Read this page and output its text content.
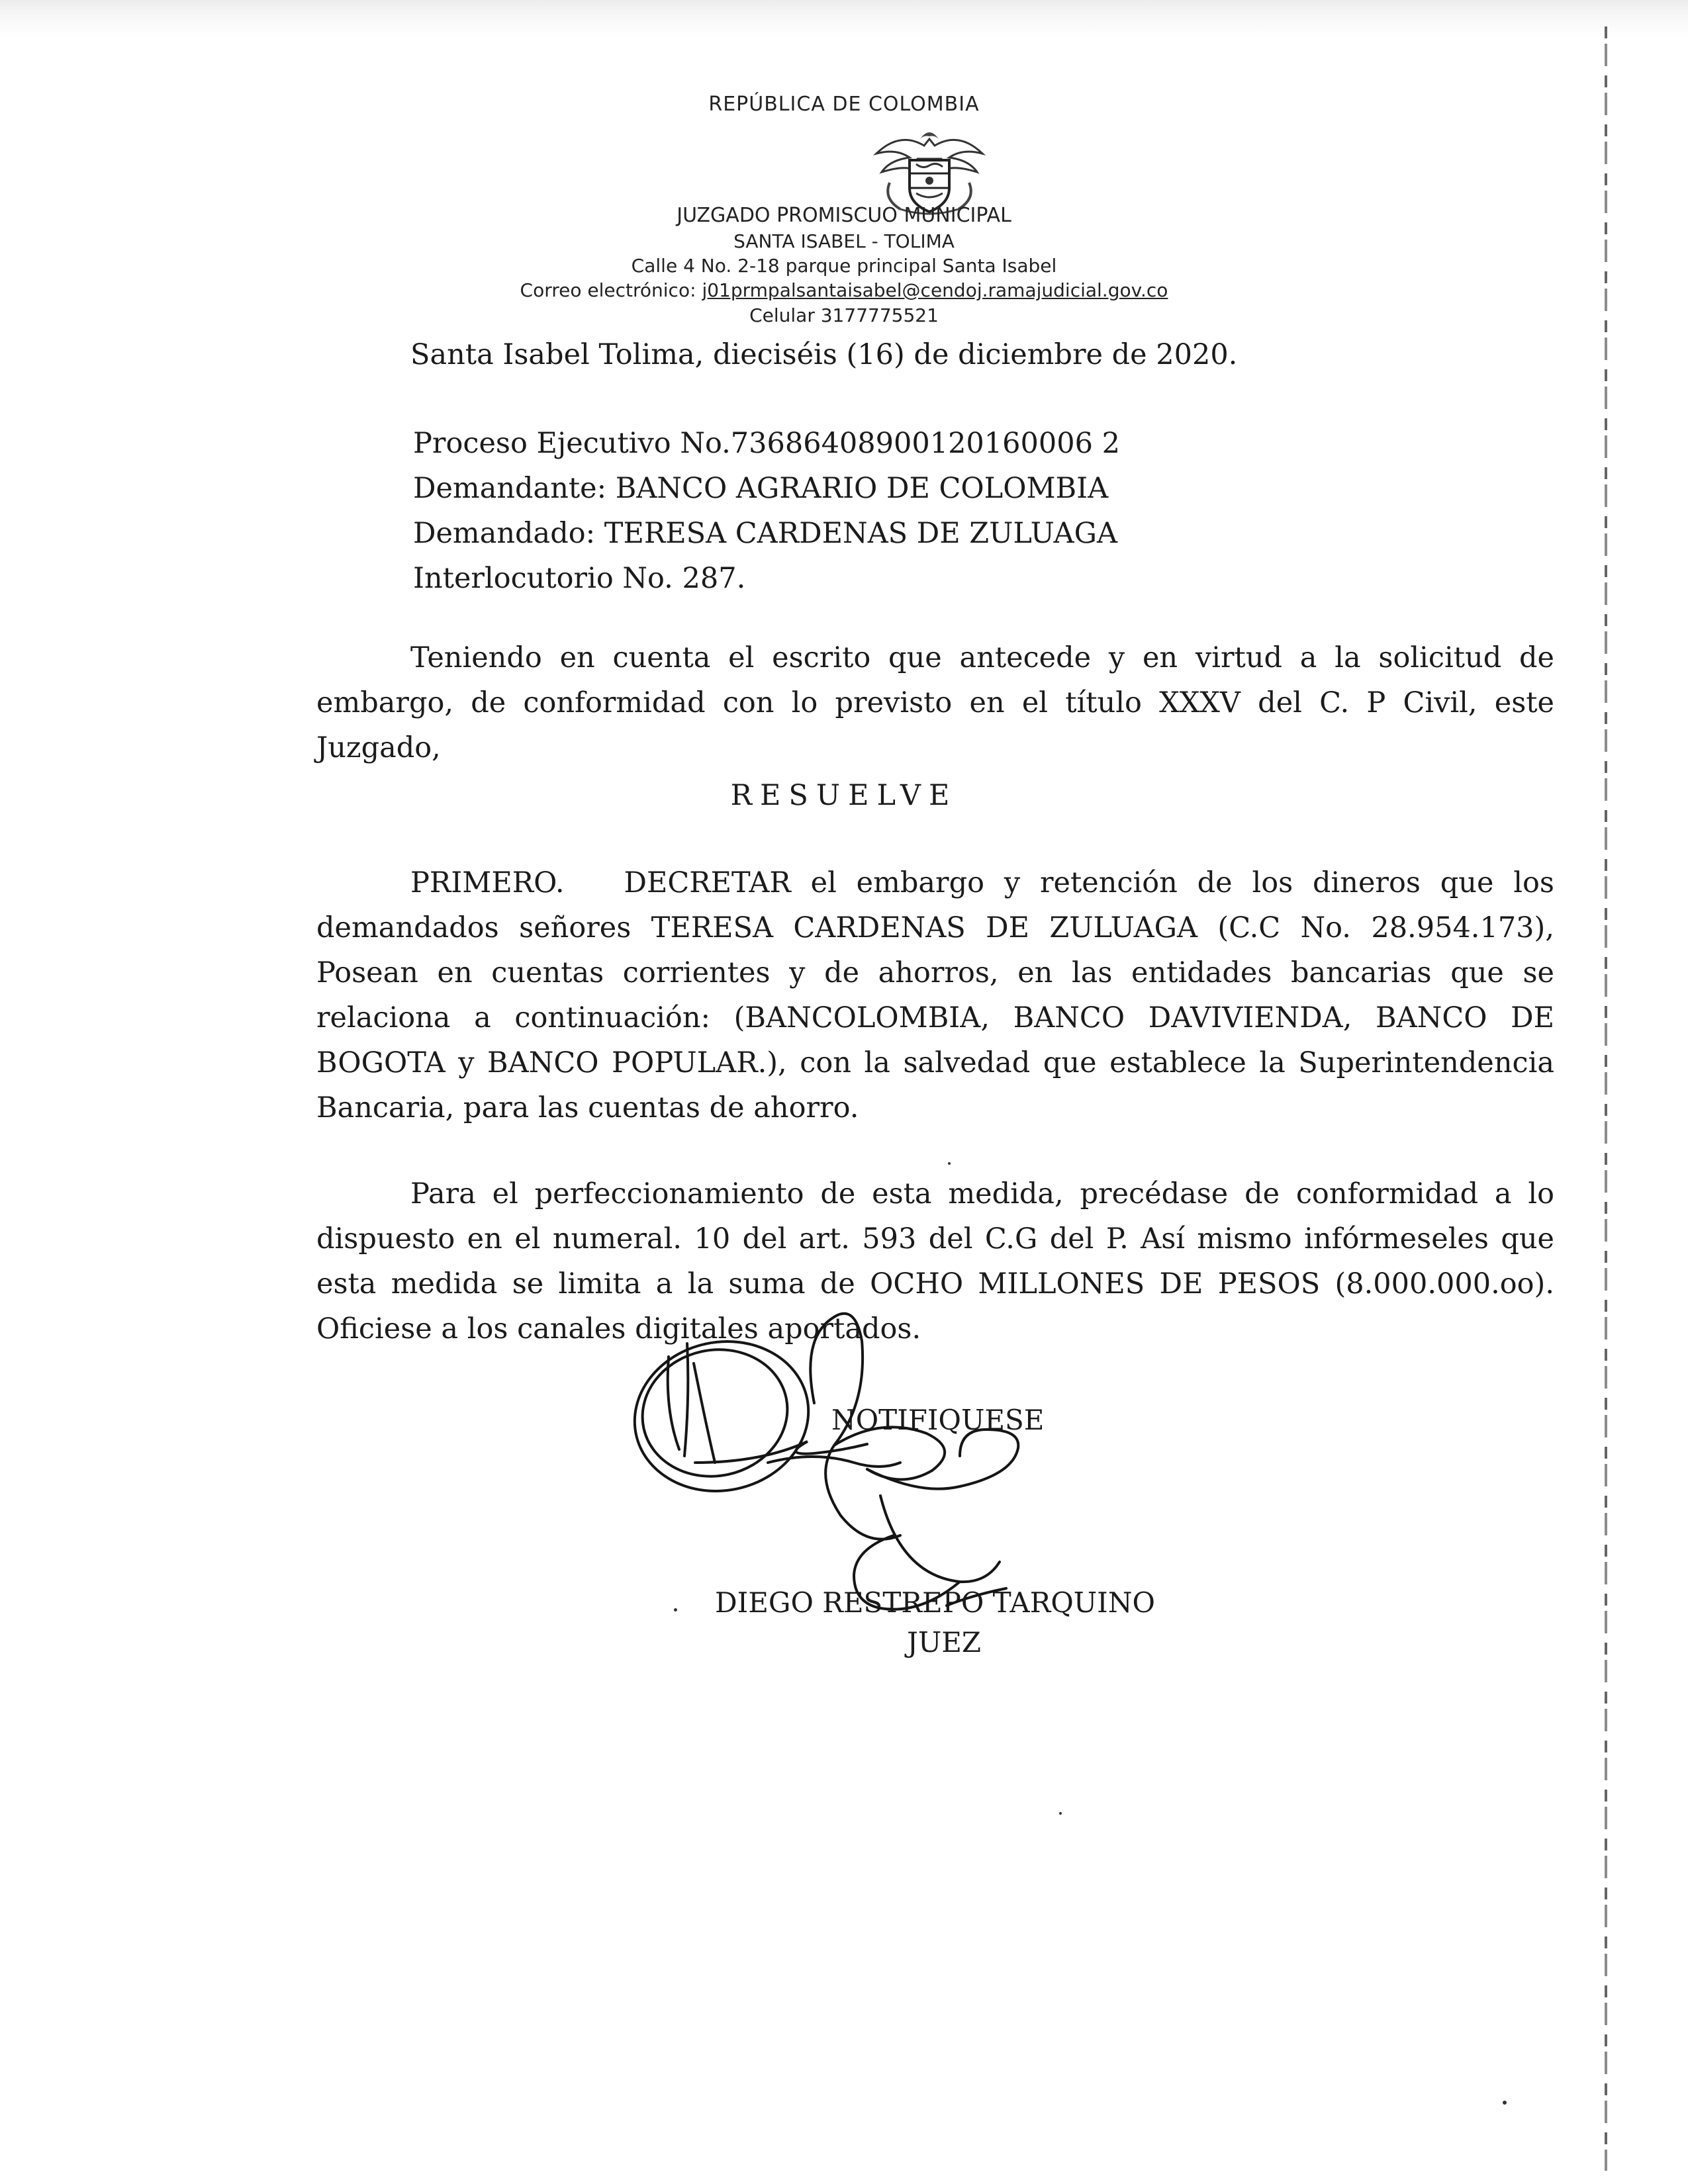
REPÚBLICA DE COLOMBIA
JUZGADO PROMISCUO MUNICIPAL
SANTA ISABEL - TOLIMA
Calle 4 No. 2-18 parque principal Santa Isabel
Correo electrónico: j01prmpalsantaisabel@cendoj.ramajudicial.gov.co
Celular 3177775521
Santa Isabel Tolima, dieciséis (16) de diciembre de 2020.
Proceso Ejecutivo No.73686408900120160006 2
Demandante: BANCO AGRARIO DE COLOMBIA
Demandado: TERESA CARDENAS DE ZULUAGA
Interlocutorio No. 287.
Teniendo en cuenta el escrito que antecede y en virtud a la solicitud de embargo, de conformidad con lo previsto en el título XXXV del C. P Civil, este Juzgado,
RESUELVE
PRIMERO. DECRETAR el embargo y retención de los dineros que los demandados señores TERESA CARDENAS DE ZULUAGA (C.C No. 28.954.173), Posean en cuentas corrientes y de ahorros, en las entidades bancarias que se relaciona a continuación: (BANCOLOMBIA, BANCO DAVIVIENDA, BANCO DE BOGOTA y BANCO POPULAR.), con la salvedad que establece la Superintendencia Bancaria, para las cuentas de ahorro.
Para el perfeccionamiento de esta medida, precédase de conformidad a lo dispuesto en el numeral. 10 del art. 593 del C.G del P. Así mismo infórmeseles que esta medida se limita a la suma de OCHO MILLONES DE PESOS (8.000.000.oo). Oficiese a los canales digitales aportados.
NOTIFIQUESE
DIEGO RESTREPO TARQUINO
JUEZ
